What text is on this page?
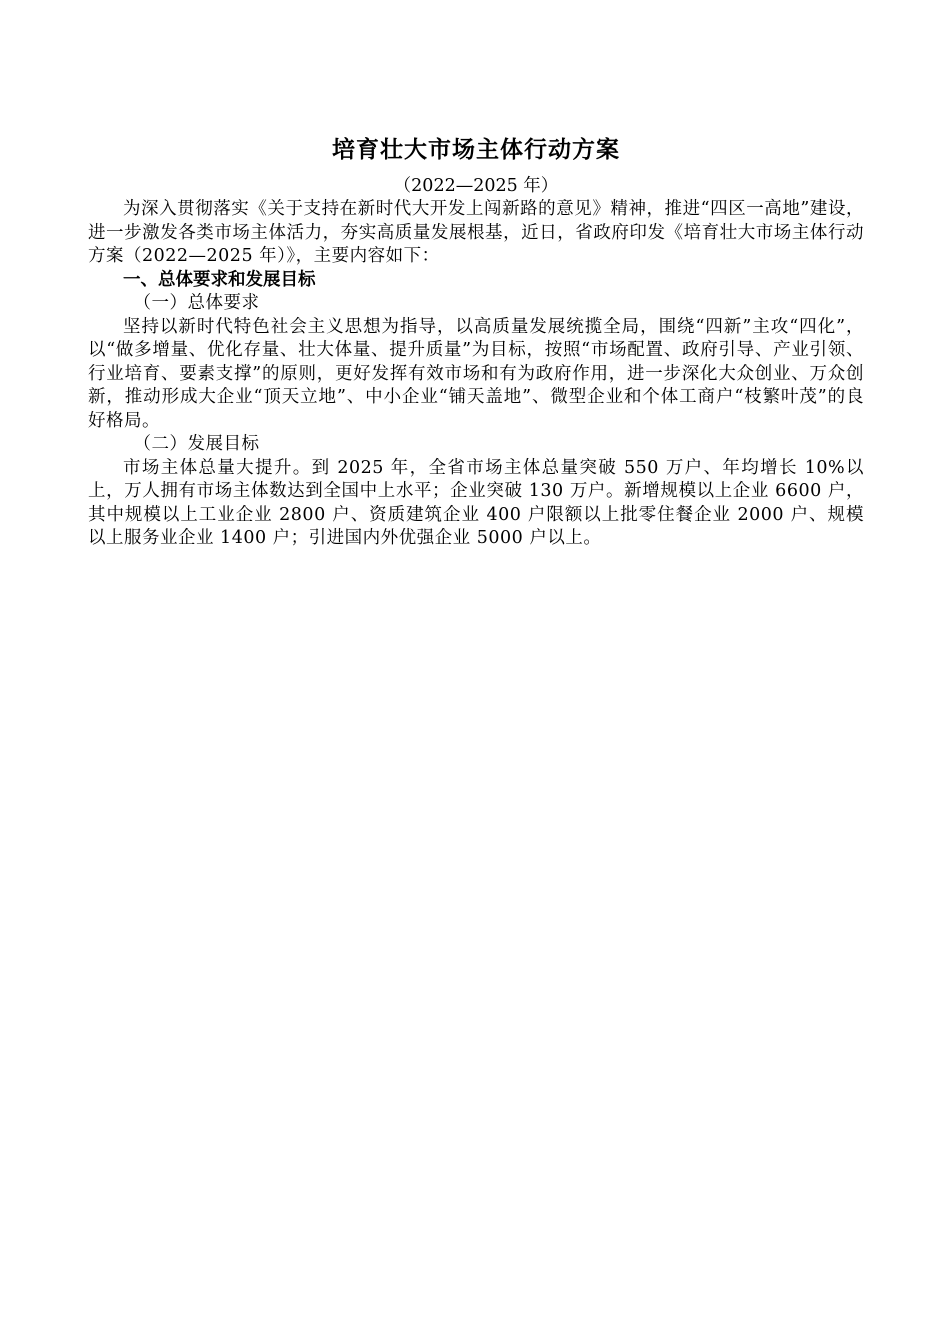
培育壮大市场主体行动方案

（2022—2025 年）

为深入贯彻落实《关于支持在新时代大开发上闯新路的意见》精神，推进“四区一高地”建设，进一步激发各类市场主体活力，夯实高质量发展根基，近日，省政府印发《培育壮大市场主体行动方案（2022—2025 年）》，主要内容如下：

一、总体要求和发展目标
（一）总体要求

坚持以新时代特色社会主义思想为指导，以高质量发展统揽全局，围绕“四新”主攻“四化”，以“做多增量、优化存量、壮大体量、提升质量”为目标，按照“市场配置、政府引导、产业引领、行业培育、要素支撑”的原则，更好发挥有效市场和有为政府作用，进一步深化大众创业、万众创新，推动形成大企业“顶天立地”、中小企业“铺天盖地”、微型企业和个体工商户“枝繁叶茂”的良好格局。

（二）发展目标

市场主体总量大提升。到 2025 年，全省市场主体总量突破 550 万户、年均增长 10%以上，万人拥有市场主体数达到全国中上水平；企业突破 130 万户。新增规模以上企业 6600 户，其中规模以上工业企业 2800 户、资质建筑企业 400 户限额以上批零住餐企业 2000 户、规模以上服务业企业 1400 户；引进国内外优强企业 5000 户以上。
